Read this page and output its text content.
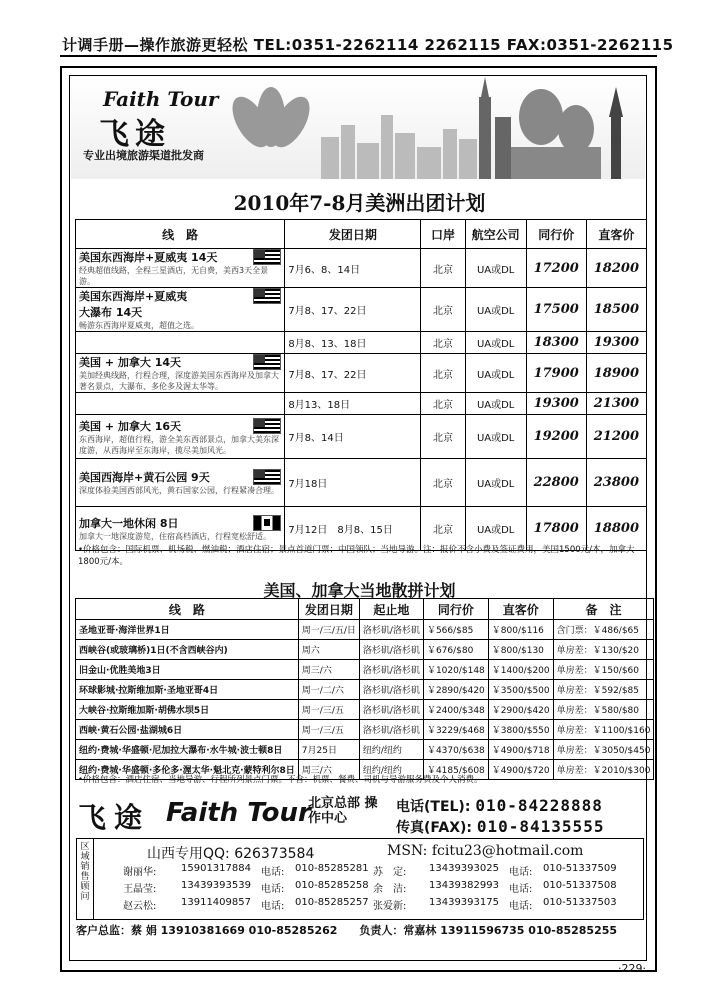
计调手册—操作旅游更轻松 TEL:0351-2262114 2262115 FAX:0351-2262115
Faith Tour
飞途
专业出境旅游渠道批发商
2010年7-8月美洲出团计划
线　路	发团日期	口岸	航空公司	同行价	直客价

美国东西海岸+夏威夷 14天
经典超值线路，全程三星酒店，无自费，美西3天全景游。	7月6、8、14日	北京	UA或DL	17200	18200

美国东西海岸+夏威夷
大瀑布 14天
畅游东西海岸夏威夷，超值之选。	7月8、17、22日	北京	UA或DL	17500	18500
	8月8、13、18日	北京	UA或DL	18300	19300

美国 + 加拿大 14天
美加经典线路，行程合理，深度游美国东西海岸及加拿大著名景点，大瀑布、多伦多及渥太华等。	7月8、17、22日	北京	UA或DL	17900	18900
	8月13、18日	北京	UA或DL	19300	21300

美国 + 加拿大 16天
东西海岸，超值行程，游全美东西部景点，加拿大美东深度游，从西海岸至东海岸，揽尽美加风光。	7月8、14日	北京	UA或DL	19200	21200

美国西海岸+黄石公园 9天
深度体验美国西部风光，黄石国家公园，行程紧凑合理。	7月18日	北京	UA或DL	22800	23800

加拿大一地休闲 8日
加拿大一地深度游览，住宿高档酒店，行程宽松舒适。	7月12日　8月8、15日	北京	UA或DL	17800	18800
•价格包含：国际机票、机场税、燃油税；酒店住宿；景点首道门票；中国领队；当地导游。注：报价不含小费及签证费用，美国1500元/本，加拿大1800元/本。
美国、加拿大当地散拼计划
线　路	发团日期	起止地	同行价	直客价	备　注
圣地亚哥·海洋世界1日	周一/三/五/日	洛杉矶/洛杉矶	￥566/$85	￥800/$116	含门票：￥486/$65
西峡谷(或玻璃桥)1日(不含西峡谷内)	周六	洛杉矶/洛杉矶	￥676/$80	￥800/$130	单房差：￥130/$20
旧金山·优胜美地3日	周三/六	洛杉矶/洛杉矶	￥1020/$148	￥1400/$200	单房差：￥150/$60
环球影城·拉斯维加斯·圣地亚哥4日	周一/二/六	洛杉矶/洛杉矶	￥2890/$420	￥3500/$500	单房差：￥592/$85
大峡谷·拉斯维加斯·胡佛水坝5日	周一/三/五	洛杉矶/洛杉矶	￥2400/$348	￥2900/$420	单房差：￥580/$80
西峡·黄石公园·盐湖城6日	周一/三/五	洛杉矶/洛杉矶	￥3229/$468	￥3800/$550	单房差：￥1100/$160
纽约·费城·华盛顿·尼加拉大瀑布·水牛城·波士顿8日	7月25日	纽约/纽约	￥4370/$638	￥4900/$718	单房差：￥3050/$450
纽约·费城·华盛顿·多伦多·渥太华·魁北克·蒙特利尔8日	周三/六	纽约/纽约	￥4185/$608	￥4900/$720	单房差：￥2010/$300
•价格包含：酒店住宿、当地导游、行程所列景点门票。不含：机票、餐费、司机与导游服务费及个人消费。
飞途 Faith Tour
北京总部 操作中心
电话(TEL): 010-84228888
传真(FAX): 010-84135555
区域销售顾问
山西专用QQ: 626373584	MSN: fcitu23@hotmail.com
谢丽华: 15901317884 电话: 010-85285281 苏　定: 13439393025 电话: 010-51337509
王晶莹: 13439393539 电话: 010-85285258 余　洁: 13439382993 电话: 010-51337508
赵云松: 13911409857 电话: 010-85285257 张爱新: 13439393175 电话: 010-51337503
客户总监：蔡 娟 13910381669 010-85285262　　负责人：常嘉林 13911596735 010-85285255
·229·
